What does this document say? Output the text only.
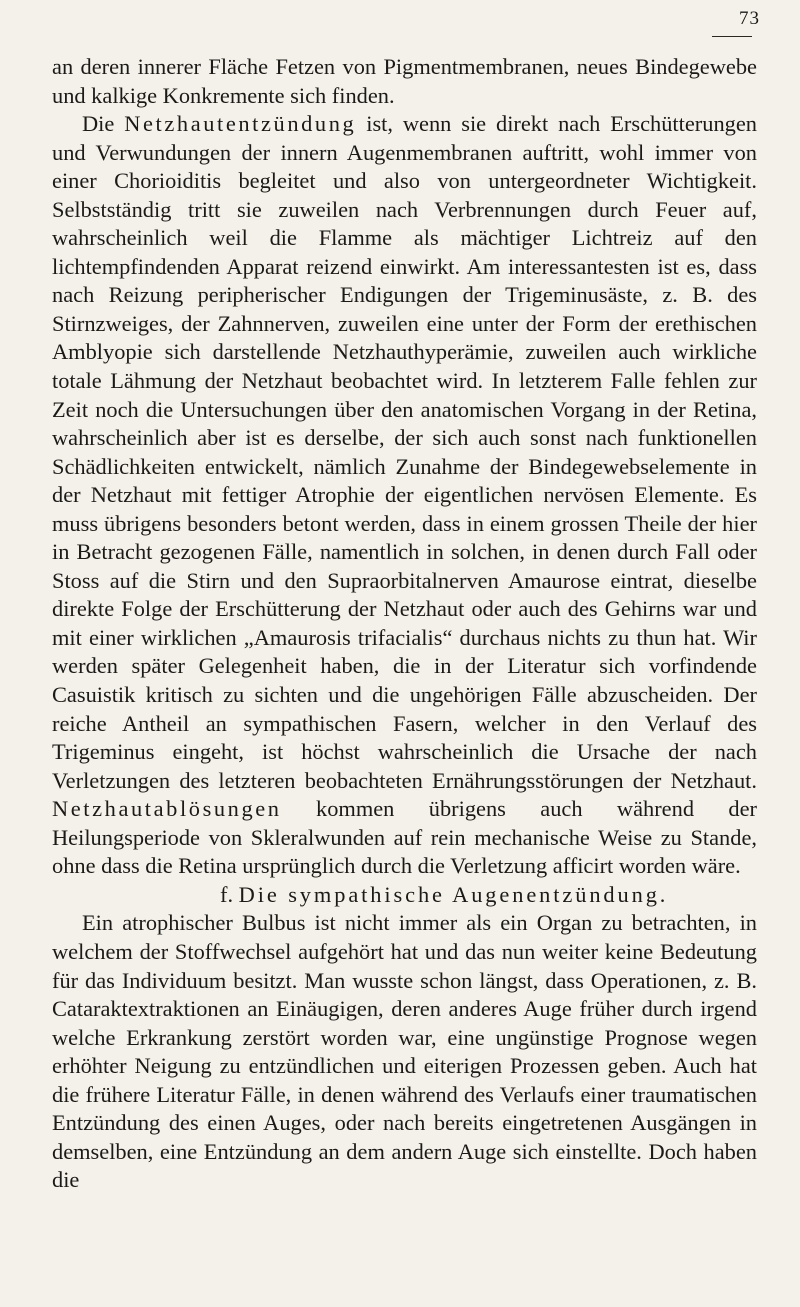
73

an deren innerer Fläche Fetzen von Pigmentmembranen, neues Bindegewebe und kalkige Konkremente sich finden.

Die Netzhautentzündung ist, wenn sie direkt nach Erschütterungen und Verwundungen der innern Augenmembranen auftritt, wohl immer von einer Chorioiditis begleitet und also von untergeordneter Wichtigkeit. Selbstständig tritt sie zuweilen nach Verbrennungen durch Feuer auf, wahrscheinlich weil die Flamme als mächtiger Lichtreiz auf den lichtempfindenden Apparat reizend einwirkt. Am interessantesten ist es, dass nach Reizung peripherischer Endigungen der Trigeminusäste, z. B. des Stirnzweiges, der Zahnnerven, zuweilen eine unter der Form der erethischen Amblyopie sich darstellende Netzhauthyperämie, zuweilen auch wirkliche totale Lähmung der Netzhaut beobachtet wird. In letzterem Falle fehlen zur Zeit noch die Untersuchungen über den anatomischen Vorgang in der Retina, wahrscheinlich aber ist es derselbe, der sich auch sonst nach funktionellen Schädlichkeiten entwickelt, nämlich Zunahme der Bindegewebselemente in der Netzhaut mit fettiger Atrophie der eigentlichen nervösen Elemente. Es muss übrigens besonders betont werden, dass in einem grossen Theile der hier in Betracht gezogenen Fälle, namentlich in solchen, in denen durch Fall oder Stoss auf die Stirn und den Supraorbitalnerven Amaurose eintrat, dieselbe direkte Folge der Erschütterung der Netzhaut oder auch des Gehirns war und mit einer wirklichen „Amaurosis trifacialis“ durchaus nichts zu thun hat. Wir werden später Gelegenheit haben, die in der Literatur sich vorfindende Casuistik kritisch zu sichten und die ungehörigen Fälle abzuscheiden. Der reiche Antheil an sympathischen Fasern, welcher in den Verlauf des Trigeminus eingeht, ist höchst wahrscheinlich die Ursache der nach Verletzungen des letzteren beobachteten Ernährungsstörungen der Netzhaut. Netzhautablösungen kommen übrigens auch während der Heilungsperiode von Skleralwunden auf rein mechanische Weise zu Stande, ohne dass die Retina ursprünglich durch die Verletzung afficirt worden wäre.

f. Die sympathische Augenentzündung.

Ein atrophischer Bulbus ist nicht immer als ein Organ zu betrachten, in welchem der Stoffwechsel aufgehört hat und das nun weiter keine Bedeutung für das Individuum besitzt. Man wusste schon längst, dass Operationen, z. B. Cataraktextraktionen an Einäugigen, deren anderes Auge früher durch irgend welche Erkrankung zerstört worden war, eine ungünstige Prognose wegen erhöhter Neigung zu entzündlichen und eiterigen Prozessen geben. Auch hat die frühere Literatur Fälle, in denen während des Verlaufs einer traumatischen Entzündung des einen Auges, oder nach bereits eingetretenen Ausgängen in demselben, eine Entzündung an dem andern Auge sich einstellte. Doch haben die
